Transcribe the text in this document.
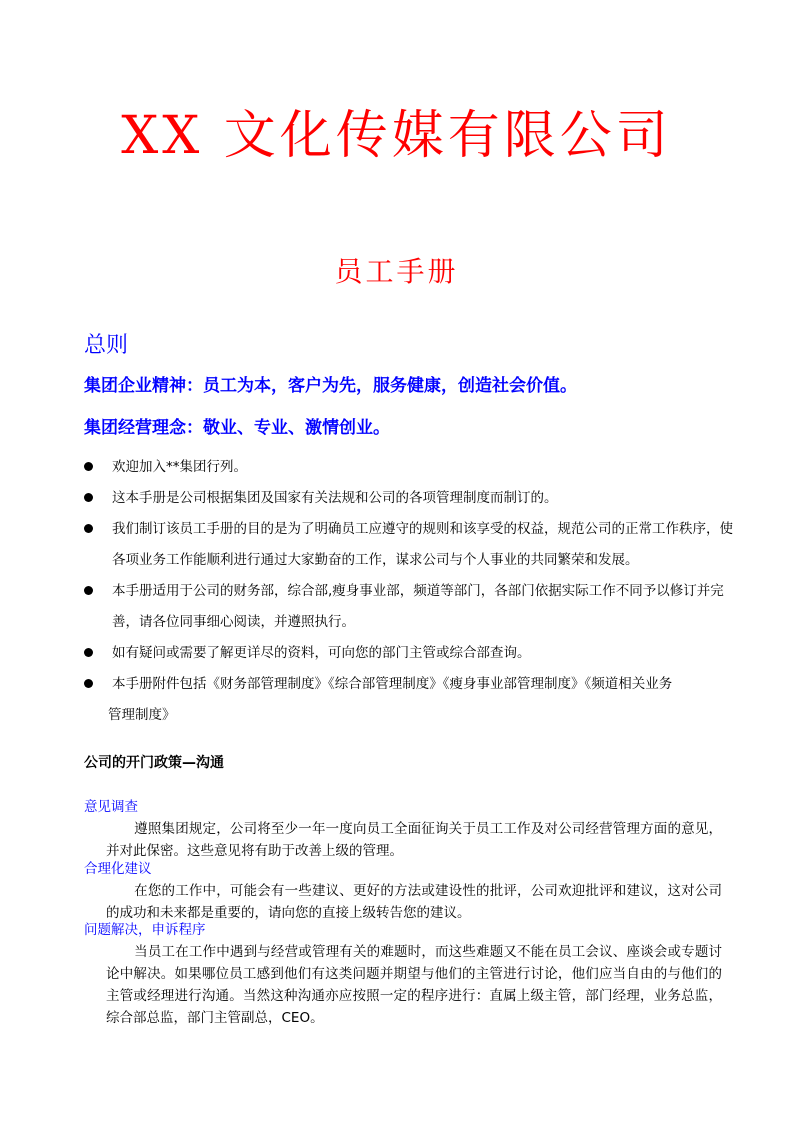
XX 文化传媒有限公司
员工手册
总则
集团企业精神：员工为本，客户为先，服务健康，创造社会价值。
集团经营理念：敬业、专业、激情创业。
欢迎加入**集团行列。
这本手册是公司根据集团及国家有关法规和公司的各项管理制度而制订的。
我们制订该员工手册的目的是为了明确员工应遵守的规则和该享受的权益，规范公司的正常工作秩序，使各项业务工作能顺利进行通过大家勤奋的工作，谋求公司与个人事业的共同繁荣和发展。
本手册适用于公司的财务部，综合部,瘦身事业部，频道等部门，各部门依据实际工作不同予以修订并完善，请各位同事细心阅读，并遵照执行。
如有疑问或需要了解更详尽的资料，可向您的部门主管或综合部查询。
本手册附件包括《财务部管理制度》《综合部管理制度》《瘦身事业部管理制度》《频道相关业务
管理制度》
公司的开门政策—沟通
意见调查
遵照集团规定，公司将至少一年一度向员工全面征询关于员工工作及对公司经营管理方面的意见，并对此保密。这些意见将有助于改善上级的管理。
合理化建议
在您的工作中，可能会有一些建议、更好的方法或建设性的批评，公司欢迎批评和建议，这对公司的成功和未来都是重要的，请向您的直接上级转告您的建议。
问题解决，申诉程序
当员工在工作中遇到与经营或管理有关的难题时，而这些难题又不能在员工会议、座谈会或专题讨论中解决。如果哪位员工感到他们有这类问题并期望与他们的主管进行讨论，他们应当自由的与他们的主管或经理进行沟通。当然这种沟通亦应按照一定的程序进行：直属上级主管，部门经理，业务总监，综合部总监，部门主管副总，CEO。
